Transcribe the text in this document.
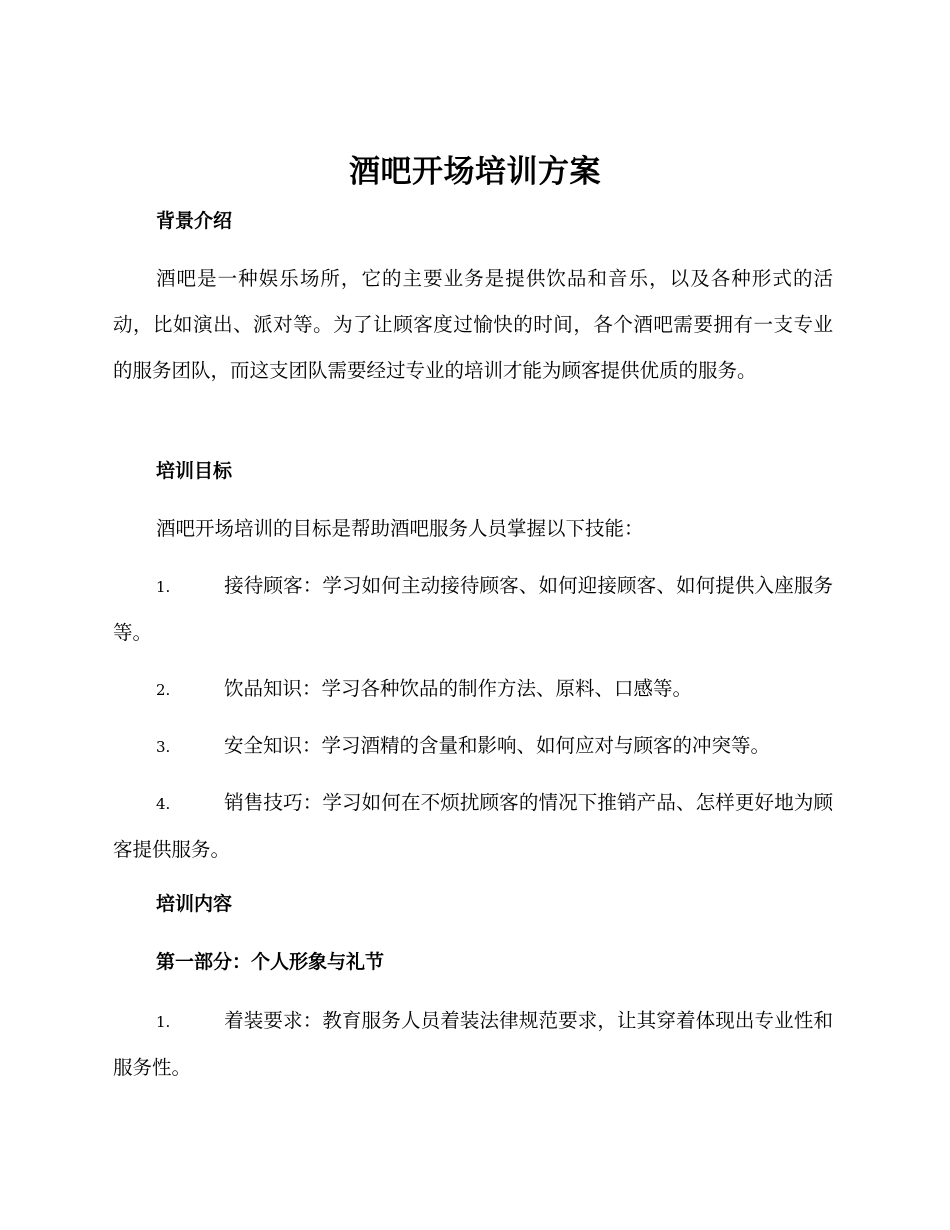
酒吧开场培训方案
背景介绍
酒吧是一种娱乐场所，它的主要业务是提供饮品和音乐，以及各种形式的活动，比如演出、派对等。为了让顾客度过愉快的时间，各个酒吧需要拥有一支专业的服务团队，而这支团队需要经过专业的培训才能为顾客提供优质的服务。
培训目标
酒吧开场培训的目标是帮助酒吧服务人员掌握以下技能：
1.	接待顾客：学习如何主动接待顾客、如何迎接顾客、如何提供入座服务等。
2.	饮品知识：学习各种饮品的制作方法、原料、口感等。
3.	安全知识：学习酒精的含量和影响、如何应对与顾客的冲突等。
4.	销售技巧：学习如何在不烦扰顾客的情况下推销产品、怎样更好地为顾客提供服务。
培训内容
第一部分：个人形象与礼节
1.	着装要求：教育服务人员着装法律规范要求，让其穿着体现出专业性和服务性。
